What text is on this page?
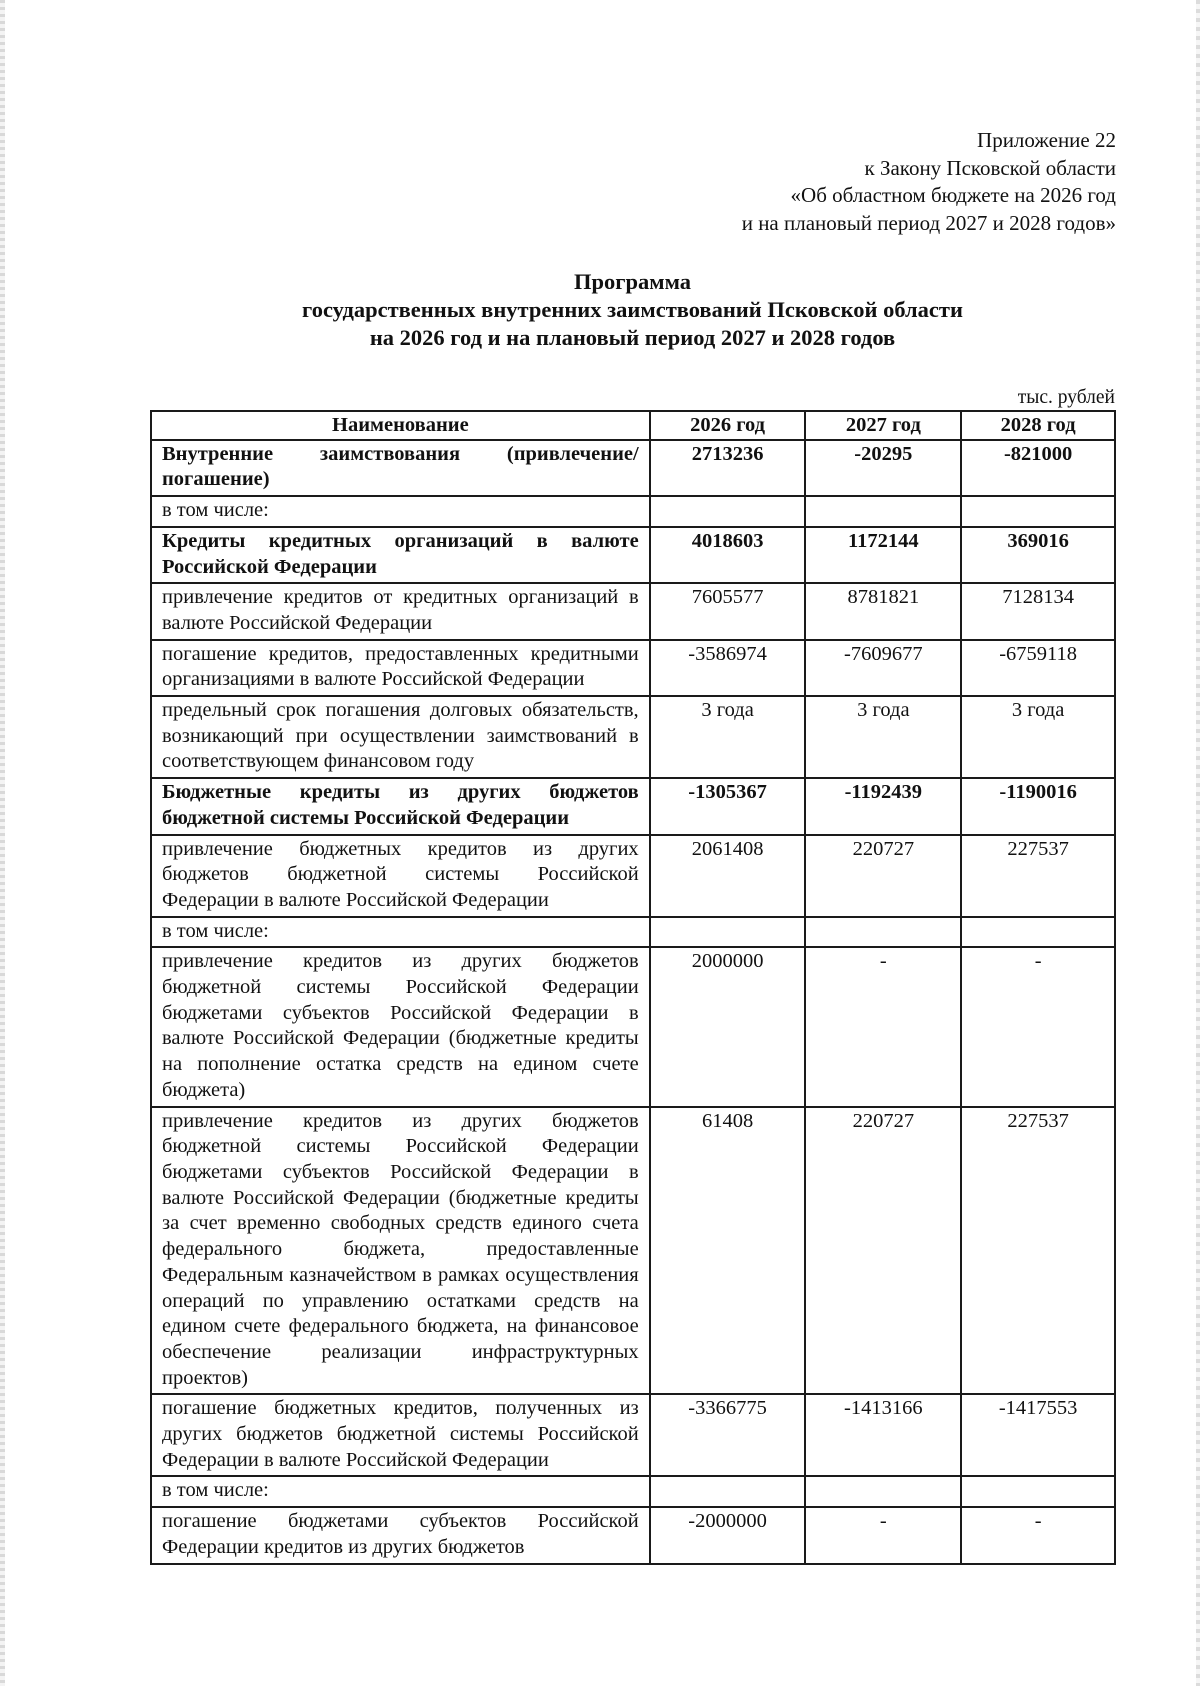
Приложение 22
к Закону Псковской области
«Об областном бюджете на 2026 год
и на плановый период 2027 и 2028 годов»
Программа
государственных внутренних заимствований Псковской области
на 2026 год и на плановый период 2027 и 2028 годов
тыс. рублей
Наименование	2026 год	2027 год	2028 год
Внутренние заимствования (привлечение/погашение)	2713236	-20295	-821000
в том числе:			
Кредиты кредитных организаций в валюте Российской Федерации	4018603	1172144	369016
привлечение кредитов от кредитных организаций в валюте Российской Федерации	7605577	8781821	7128134
погашение кредитов, предоставленных кредитными организациями в валюте Российской Федерации	-3586974	-7609677	-6759118
предельный срок погашения долговых обязательств, возникающий при осуществлении заимствований в соответствующем финансовом году	3 года	3 года	3 года
Бюджетные кредиты из других бюджетов бюджетной системы Российской Федерации	-1305367	-1192439	-1190016
привлечение бюджетных кредитов из других бюджетов бюджетной системы Российской Федерации в валюте Российской Федерации	2061408	220727	227537
в том числе:			
привлечение кредитов из других бюджетов бюджетной системы Российской Федерации бюджетами субъектов Российской Федерации в валюте Российской Федерации (бюджетные кредиты на пополнение остатка средств на едином счете бюджета)	2000000	-	-
привлечение кредитов из других бюджетов бюджетной системы Российской Федерации бюджетами субъектов Российской Федерации в валюте Российской Федерации (бюджетные кредиты за счет временно свободных средств единого счета федерального бюджета, предоставленные Федеральным казначейством в рамках осуществления операций по управлению остатками средств на едином счете федерального бюджета, на финансовое обеспечение реализации инфраструктурных проектов)	61408	220727	227537
погашение бюджетных кредитов, полученных из других бюджетов бюджетной системы Российской Федерации в валюте Российской Федерации	-3366775	-1413166	-1417553
в том числе:			
погашение бюджетами субъектов Российской Федерации кредитов из других бюджетов	-2000000	-	-
